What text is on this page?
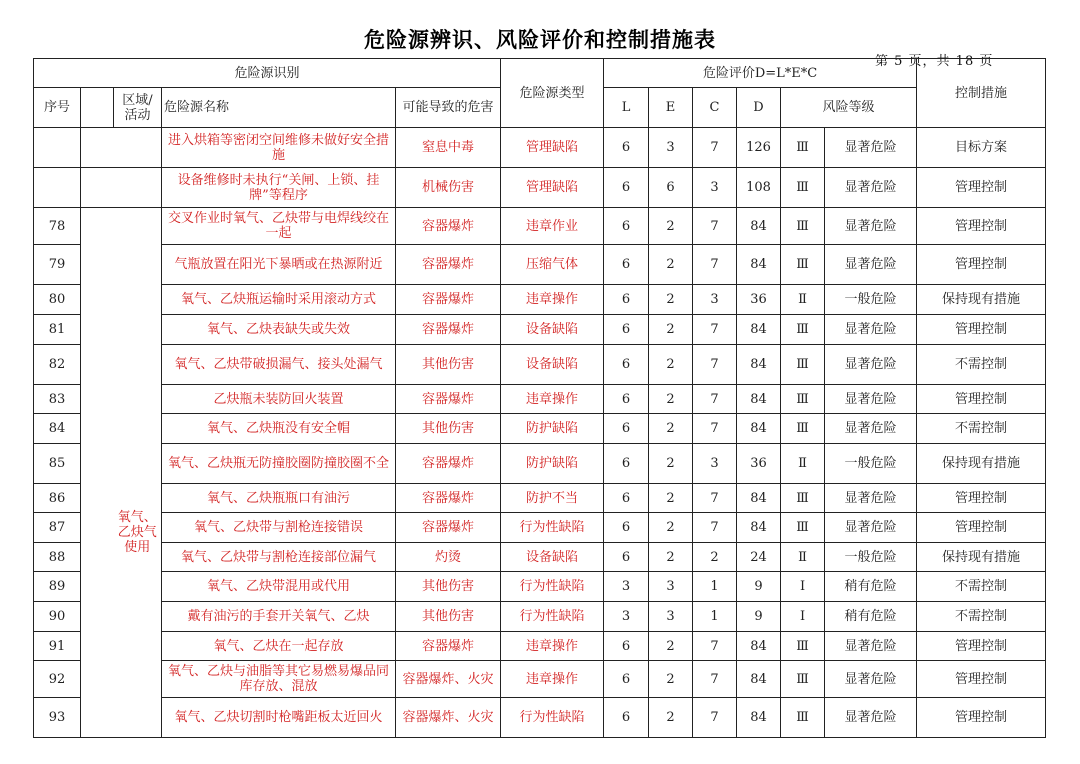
危险源辨识、风险评价和控制措施表
第 5 页，共 18 页
危险源识别					危险源类型	危险评价D=L*E*C						控制措施
序号		区域/活动	危险源名称	可能导致的危害		L	E	C	D	风险等级		
			进入烘箱等密闭空间维修未做好安全措施	窒息中毒	管理缺陷	6	3	7	126	Ⅲ	显著危险	目标方案
			设备维修时未执行“关闸、上锁、挂牌”等程序	机械伤害	管理缺陷	6	6	3	108	Ⅲ	显著危险	管理控制
78		氧气、乙炔气使用	交叉作业时氧气、乙炔带与电焊线绞在一起	容器爆炸	违章作业	6	2	7	84	Ⅲ	显著危险	管理控制
79			气瓶放置在阳光下暴晒或在热源附近	容器爆炸	压缩气体	6	2	7	84	Ⅲ	显著危险	管理控制
80			氧气、乙炔瓶运输时采用滚动方式	容器爆炸	违章操作	6	2	3	36	Ⅱ	一般危险	保持现有措施
81			氧气、乙炔表缺失或失效	容器爆炸	设备缺陷	6	2	7	84	Ⅲ	显著危险	管理控制
82			氧气、乙炔带破损漏气、接头处漏气	其他伤害	设备缺陷	6	2	7	84	Ⅲ	显著危险	不需控制
83			乙炔瓶未装防回火装置	容器爆炸	违章操作	6	2	7	84	Ⅲ	显著危险	管理控制
84			氧气、乙炔瓶没有安全帽	其他伤害	防护缺陷	6	2	7	84	Ⅲ	显著危险	不需控制
85			氧气、乙炔瓶无防撞胶圈防撞胶圈不全	容器爆炸	防护缺陷	6	2	3	36	Ⅱ	一般危险	保持现有措施
86			氧气、乙炔瓶瓶口有油污	容器爆炸	防护不当	6	2	7	84	Ⅲ	显著危险	管理控制
87			氧气、乙炔带与割枪连接错误	容器爆炸	行为性缺陷	6	2	7	84	Ⅲ	显著危险	管理控制
88			氧气、乙炔带与割枪连接部位漏气	灼烫	设备缺陷	6	2	2	24	Ⅱ	一般危险	保持现有措施
89			氧气、乙炔带混用或代用	其他伤害	行为性缺陷	3	3	1	9	Ⅰ	稍有危险	不需控制
90			戴有油污的手套开关氧气、乙炔	其他伤害	行为性缺陷	3	3	1	9	Ⅰ	稍有危险	不需控制
91			氧气、乙炔在一起存放	容器爆炸	违章操作	6	2	7	84	Ⅲ	显著危险	管理控制
92			氧气、乙炔与油脂等其它易燃易爆品同库存放、混放	容器爆炸、火灾	违章操作	6	2	7	84	Ⅲ	显著危险	管理控制
93			氧气、乙炔切割时枪嘴距板太近回火	容器爆炸、火灾	行为性缺陷	6	2	7	84	Ⅲ	显著危险	管理控制
